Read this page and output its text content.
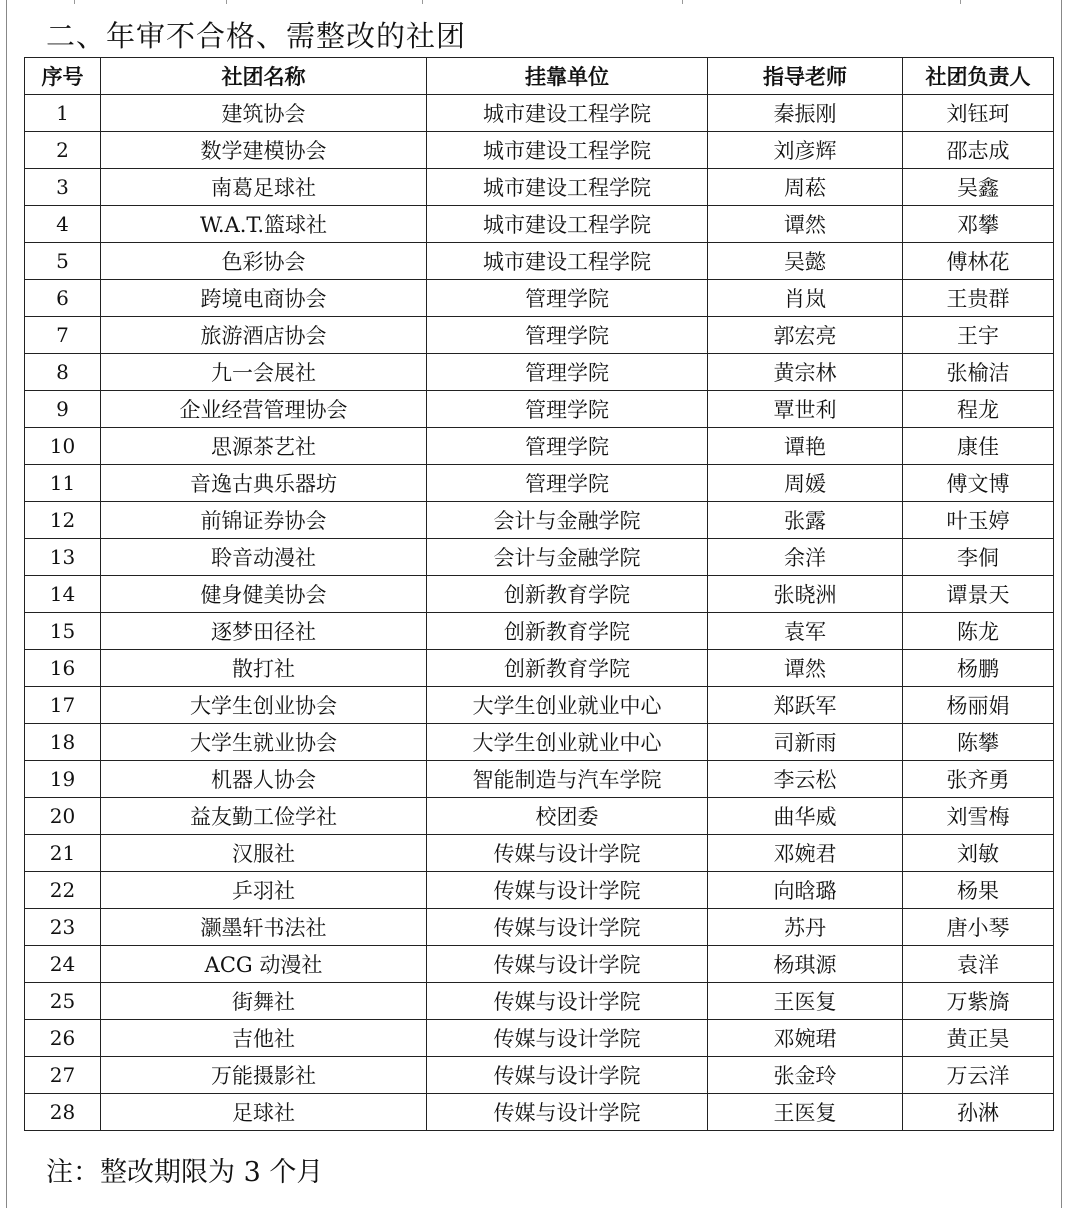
二、年审不合格、需整改的社团
序号	社团名称	挂靠单位	指导老师	社团负责人
1	建筑协会	城市建设工程学院	秦振刚	刘钰珂
2	数学建模协会	城市建设工程学院	刘彦辉	邵志成
3	南葛足球社	城市建设工程学院	周菘	吴鑫
4	W.A.T.篮球社	城市建设工程学院	谭然	邓攀
5	色彩协会	城市建设工程学院	吴懿	傅林花
6	跨境电商协会	管理学院	肖岚	王贵群
7	旅游酒店协会	管理学院	郭宏亮	王宇
8	九一会展社	管理学院	黄宗林	张榆洁
9	企业经营管理协会	管理学院	覃世利	程龙
10	思源茶艺社	管理学院	谭艳	康佳
11	音逸古典乐器坊	管理学院	周媛	傅文博
12	前锦证券协会	会计与金融学院	张露	叶玉婷
13	聆音动漫社	会计与金融学院	余洋	李侗
14	健身健美协会	创新教育学院	张晓洲	谭景天
15	逐梦田径社	创新教育学院	袁军	陈龙
16	散打社	创新教育学院	谭然	杨鹏
17	大学生创业协会	大学生创业就业中心	郑跃军	杨丽娟
18	大学生就业协会	大学生创业就业中心	司新雨	陈攀
19	机器人协会	智能制造与汽车学院	李云松	张齐勇
20	益友勤工俭学社	校团委	曲华威	刘雪梅
21	汉服社	传媒与设计学院	邓婉君	刘敏
22	乒羽社	传媒与设计学院	向晗璐	杨果
23	灏墨轩书法社	传媒与设计学院	苏丹	唐小琴
24	ACG 动漫社	传媒与设计学院	杨琪源	袁洋
25	街舞社	传媒与设计学院	王医复	万紫旖
26	吉他社	传媒与设计学院	邓婉珺	黄正昊
27	万能摄影社	传媒与设计学院	张金玲	万云洋
28	足球社	传媒与设计学院	王医复	孙淋
注：整改期限为 3 个月
